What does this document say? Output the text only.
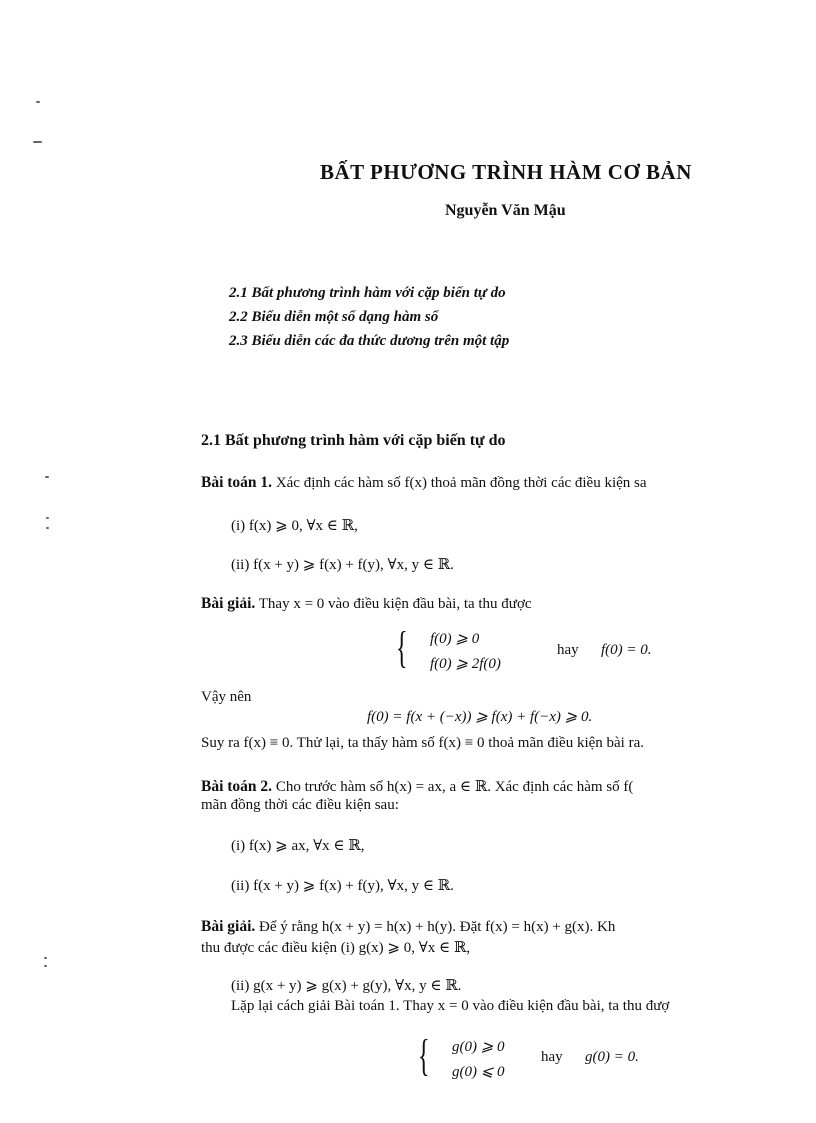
BẤT PHƯƠNG TRÌNH HÀM CƠ BẢN
Nguyễn Văn Mậu
2.1 Bất phương trình hàm với cặp biến tự do
2.2 Biểu diễn một số dạng hàm số
2.3 Biểu diễn các đa thức dương trên một tập
2.1 Bất phương trình hàm với cặp biến tự do
Bài toán 1. Xác định các hàm số f(x) thoả mãn đồng thời các điều kiện sa
(i) f(x) ⩾ 0, ∀x ∈ ℝ,
(ii) f(x + y) ⩾ f(x) + f(y), ∀x, y ∈ ℝ.
Bài giải. Thay x = 0 vào điều kiện đầu bài, ta thu được
{ f(0) ⩾ 0
f(0) ⩾ 2f(0)
hay f(0) = 0.
Vậy nên
f(0) = f(x + (−x)) ⩾ f(x) + f(−x) ⩾ 0.
Suy ra f(x) ≡ 0. Thử lại, ta thấy hàm số f(x) ≡ 0 thoả mãn điều kiện bài ra.
Bài toán 2. Cho trước hàm số h(x) = ax, a ∈ ℝ. Xác định các hàm số f(
mãn đồng thời các điều kiện sau:
(i) f(x) ⩾ ax, ∀x ∈ ℝ,
(ii) f(x + y) ⩾ f(x) + f(y), ∀x, y ∈ ℝ.
Bài giải. Để ý rằng h(x + y) = h(x) + h(y). Đặt f(x) = h(x) + g(x). Kh
thu được các điều kiện (i) g(x) ⩾ 0, ∀x ∈ ℝ,
(ii) g(x + y) ⩾ g(x) + g(y), ∀x, y ∈ ℝ.
Lặp lại cách giải Bài toán 1. Thay x = 0 vào điều kiện đầu bài, ta thu đượ
{ g(0) ⩾ 0
g(0) ⩽ 0
hay g(0) = 0.
